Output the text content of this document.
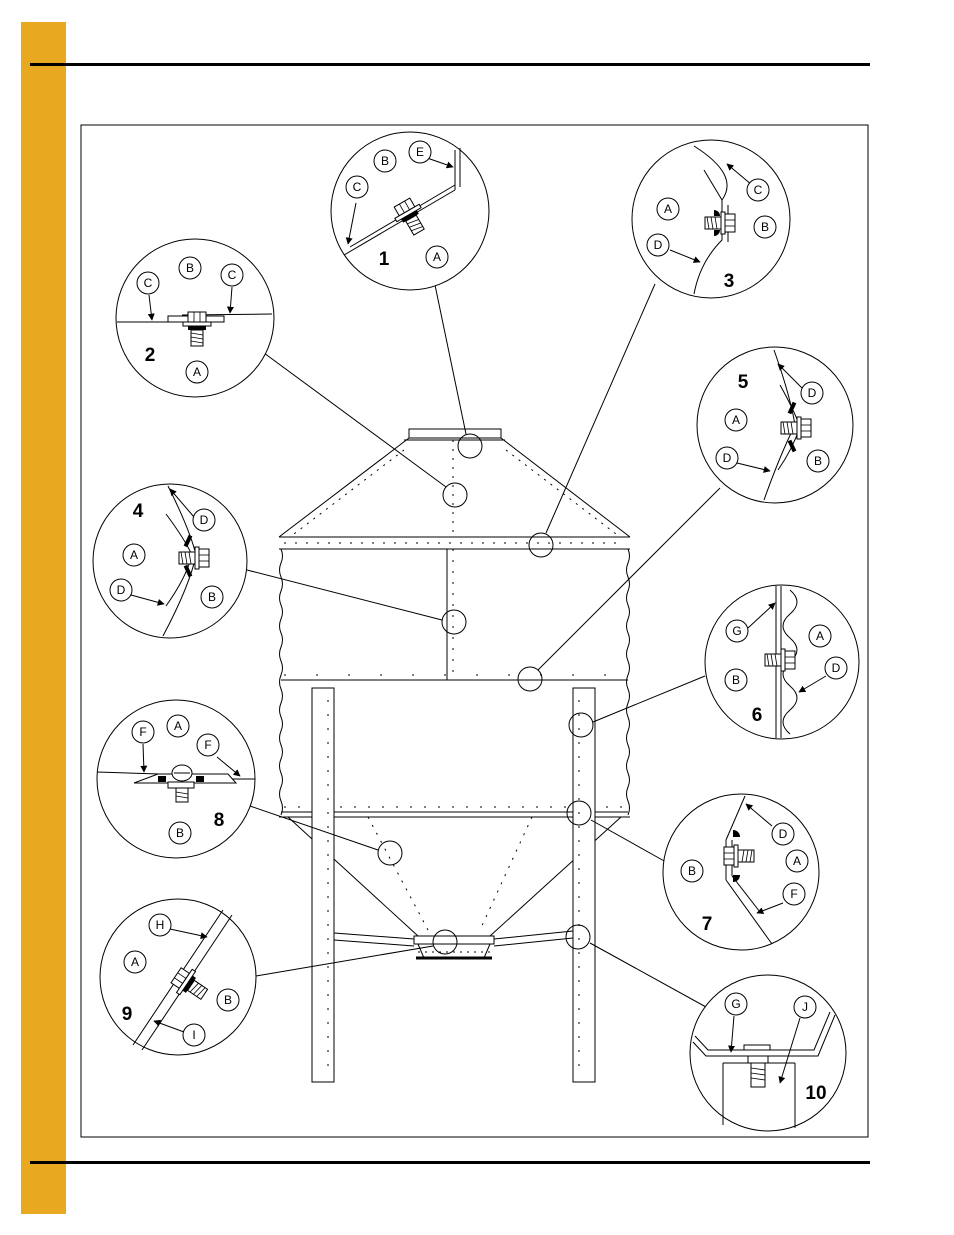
E
B
C
A
1
C
B	C
A
2
C
A
B
D
3
D
A
D	B
4
D
A
D	B
5
G	A
D
B
6
D
A
B
F
7
F A
F
B
8
H
A
B
I
9	G	J
10
